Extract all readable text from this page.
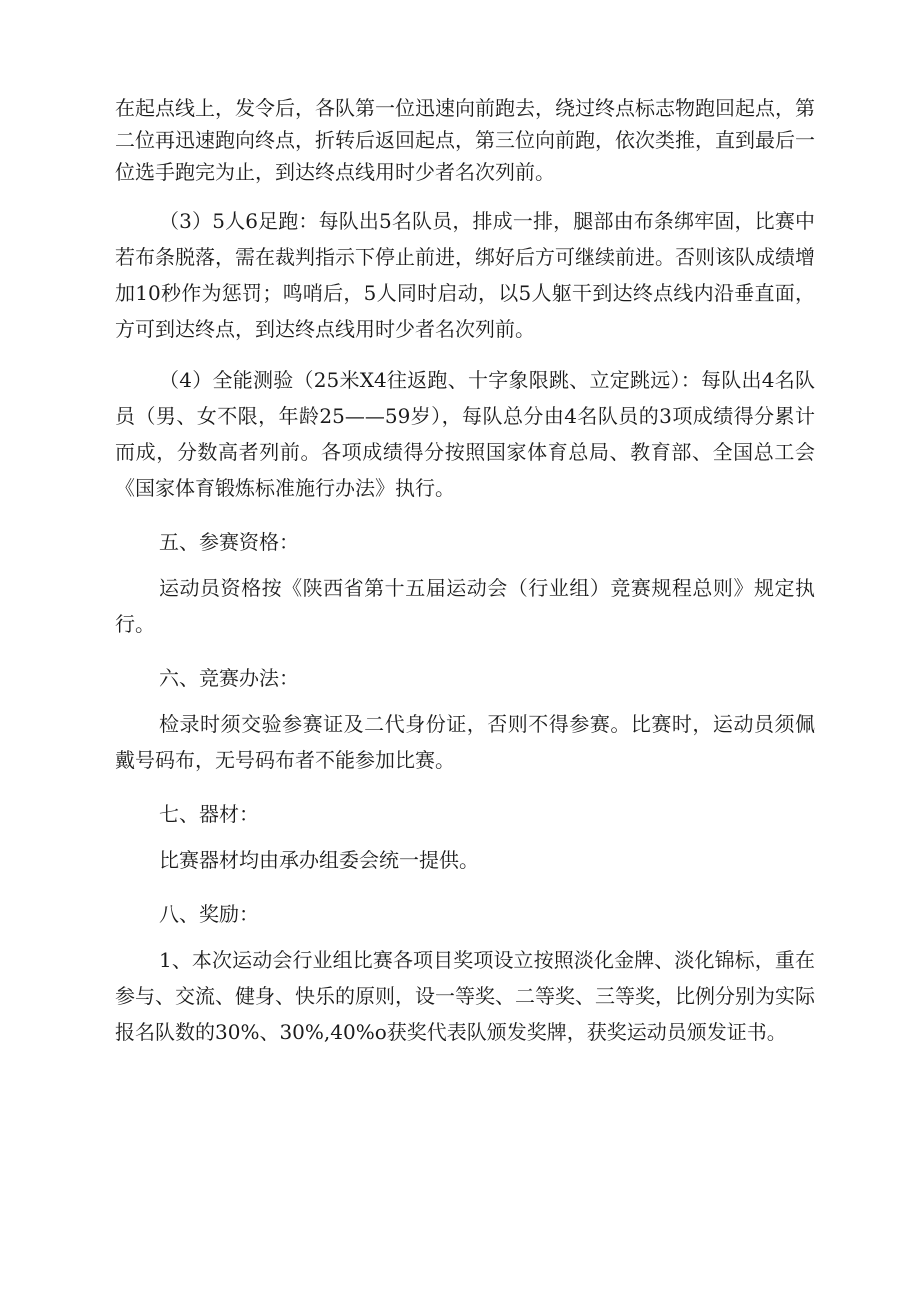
在起点线上，发令后，各队第一位迅速向前跑去，绕过终点标志物跑回起点，第二位再迅速跑向终点，折转后返回起点，第三位向前跑，依次类推，直到最后一位选手跑完为止，到达终点线用时少者名次列前。

（3）5人6足跑：每队出5名队员，排成一排，腿部由布条绑牢固，比赛中若布条脱落，需在裁判指示下停止前进，绑好后方可继续前进。否则该队成绩增加10秒作为惩罚；鸣哨后，5人同时启动，以5人躯干到达终点线内沿垂直面，方可到达终点，到达终点线用时少者名次列前。

（4）全能测验（25米X4往返跑、十字象限跳、立定跳远）：每队出4名队员（男、女不限，年龄25——59岁），每队总分由4名队员的3项成绩得分累计而成，分数高者列前。各项成绩得分按照国家体育总局、教育部、全国总工会《国家体育锻炼标准施行办法》执行。

五、参赛资格：

运动员资格按《陕西省第十五届运动会（行业组）竞赛规程总则》规定执行。

六、竞赛办法：

检录时须交验参赛证及二代身份证，否则不得参赛。比赛时，运动员须佩戴号码布，无号码布者不能参加比赛。

七、器材：

比赛器材均由承办组委会统一提供。

八、奖励：

1、本次运动会行业组比赛各项目奖项设立按照淡化金牌、淡化锦标，重在参与、交流、健身、快乐的原则，设一等奖、二等奖、三等奖，比例分别为实际报名队数的30%、30%,40%o获奖代表队颁发奖牌，获奖运动员颁发证书。
